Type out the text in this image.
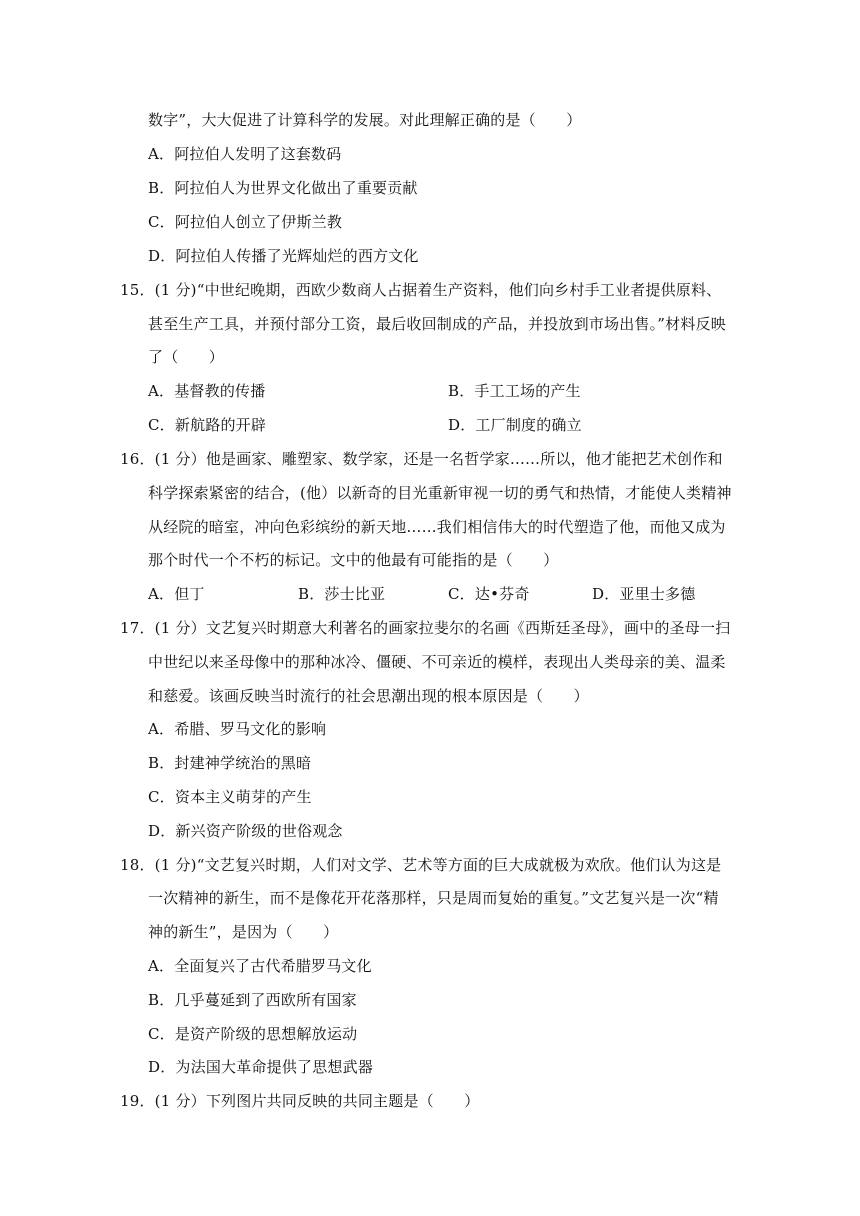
数字”，大大促进了计算科学的发展。对此理解正确的是（　　）
A．阿拉伯人发明了这套数码
B．阿拉伯人为世界文化做出了重要贡献
C．阿拉伯人创立了伊斯兰教
D．阿拉伯人传播了光辉灿烂的西方文化
15．(1 分)“中世纪晚期，西欧少数商人占据着生产资料，他们向乡村手工业者提供原料、
甚至生产工具，并预付部分工资，最后收回制成的产品，并投放到市场出售。”材料反映
了（　　）
A．基督教的传播	B．手工工场的产生
C．新航路的开辟	D．工厂制度的确立
16．(1 分）他是画家、雕塑家、数学家，还是一名哲学家……所以，他才能把艺术创作和
科学探索紧密的结合，(他）以新奇的目光重新审视一切的勇气和热情，才能使人类精神
从经院的暗室，冲向色彩缤纷的新天地……我们相信伟大的时代塑造了他，而他又成为
那个时代一个不朽的标记。文中的他最有可能指的是（　　）
A．但丁	B．莎士比亚	C．达•芬奇	D．亚里士多德
17．(1 分）文艺复兴时期意大利著名的画家拉斐尔的名画《西斯廷圣母》，画中的圣母一扫
中世纪以来圣母像中的那种冰冷、僵硬、不可亲近的模样，表现出人类母亲的美、温柔
和慈爱。该画反映当时流行的社会思潮出现的根本原因是（　　）
A．希腊、罗马文化的影响
B．封建神学统治的黑暗
C．资本主义萌芽的产生
D．新兴资产阶级的世俗观念
18．(1 分)“文艺复兴时期，人们对文学、艺术等方面的巨大成就极为欢欣。他们认为这是
一次精神的新生，而不是像花开花落那样，只是周而复始的重复。”文艺复兴是一次“精
神的新生”，是因为（　　）
A．全面复兴了古代希腊罗马文化
B．几乎蔓延到了西欧所有国家
C．是资产阶级的思想解放运动
D．为法国大革命提供了思想武器
19．(1 分）下列图片共同反映的共同主题是（　　）
